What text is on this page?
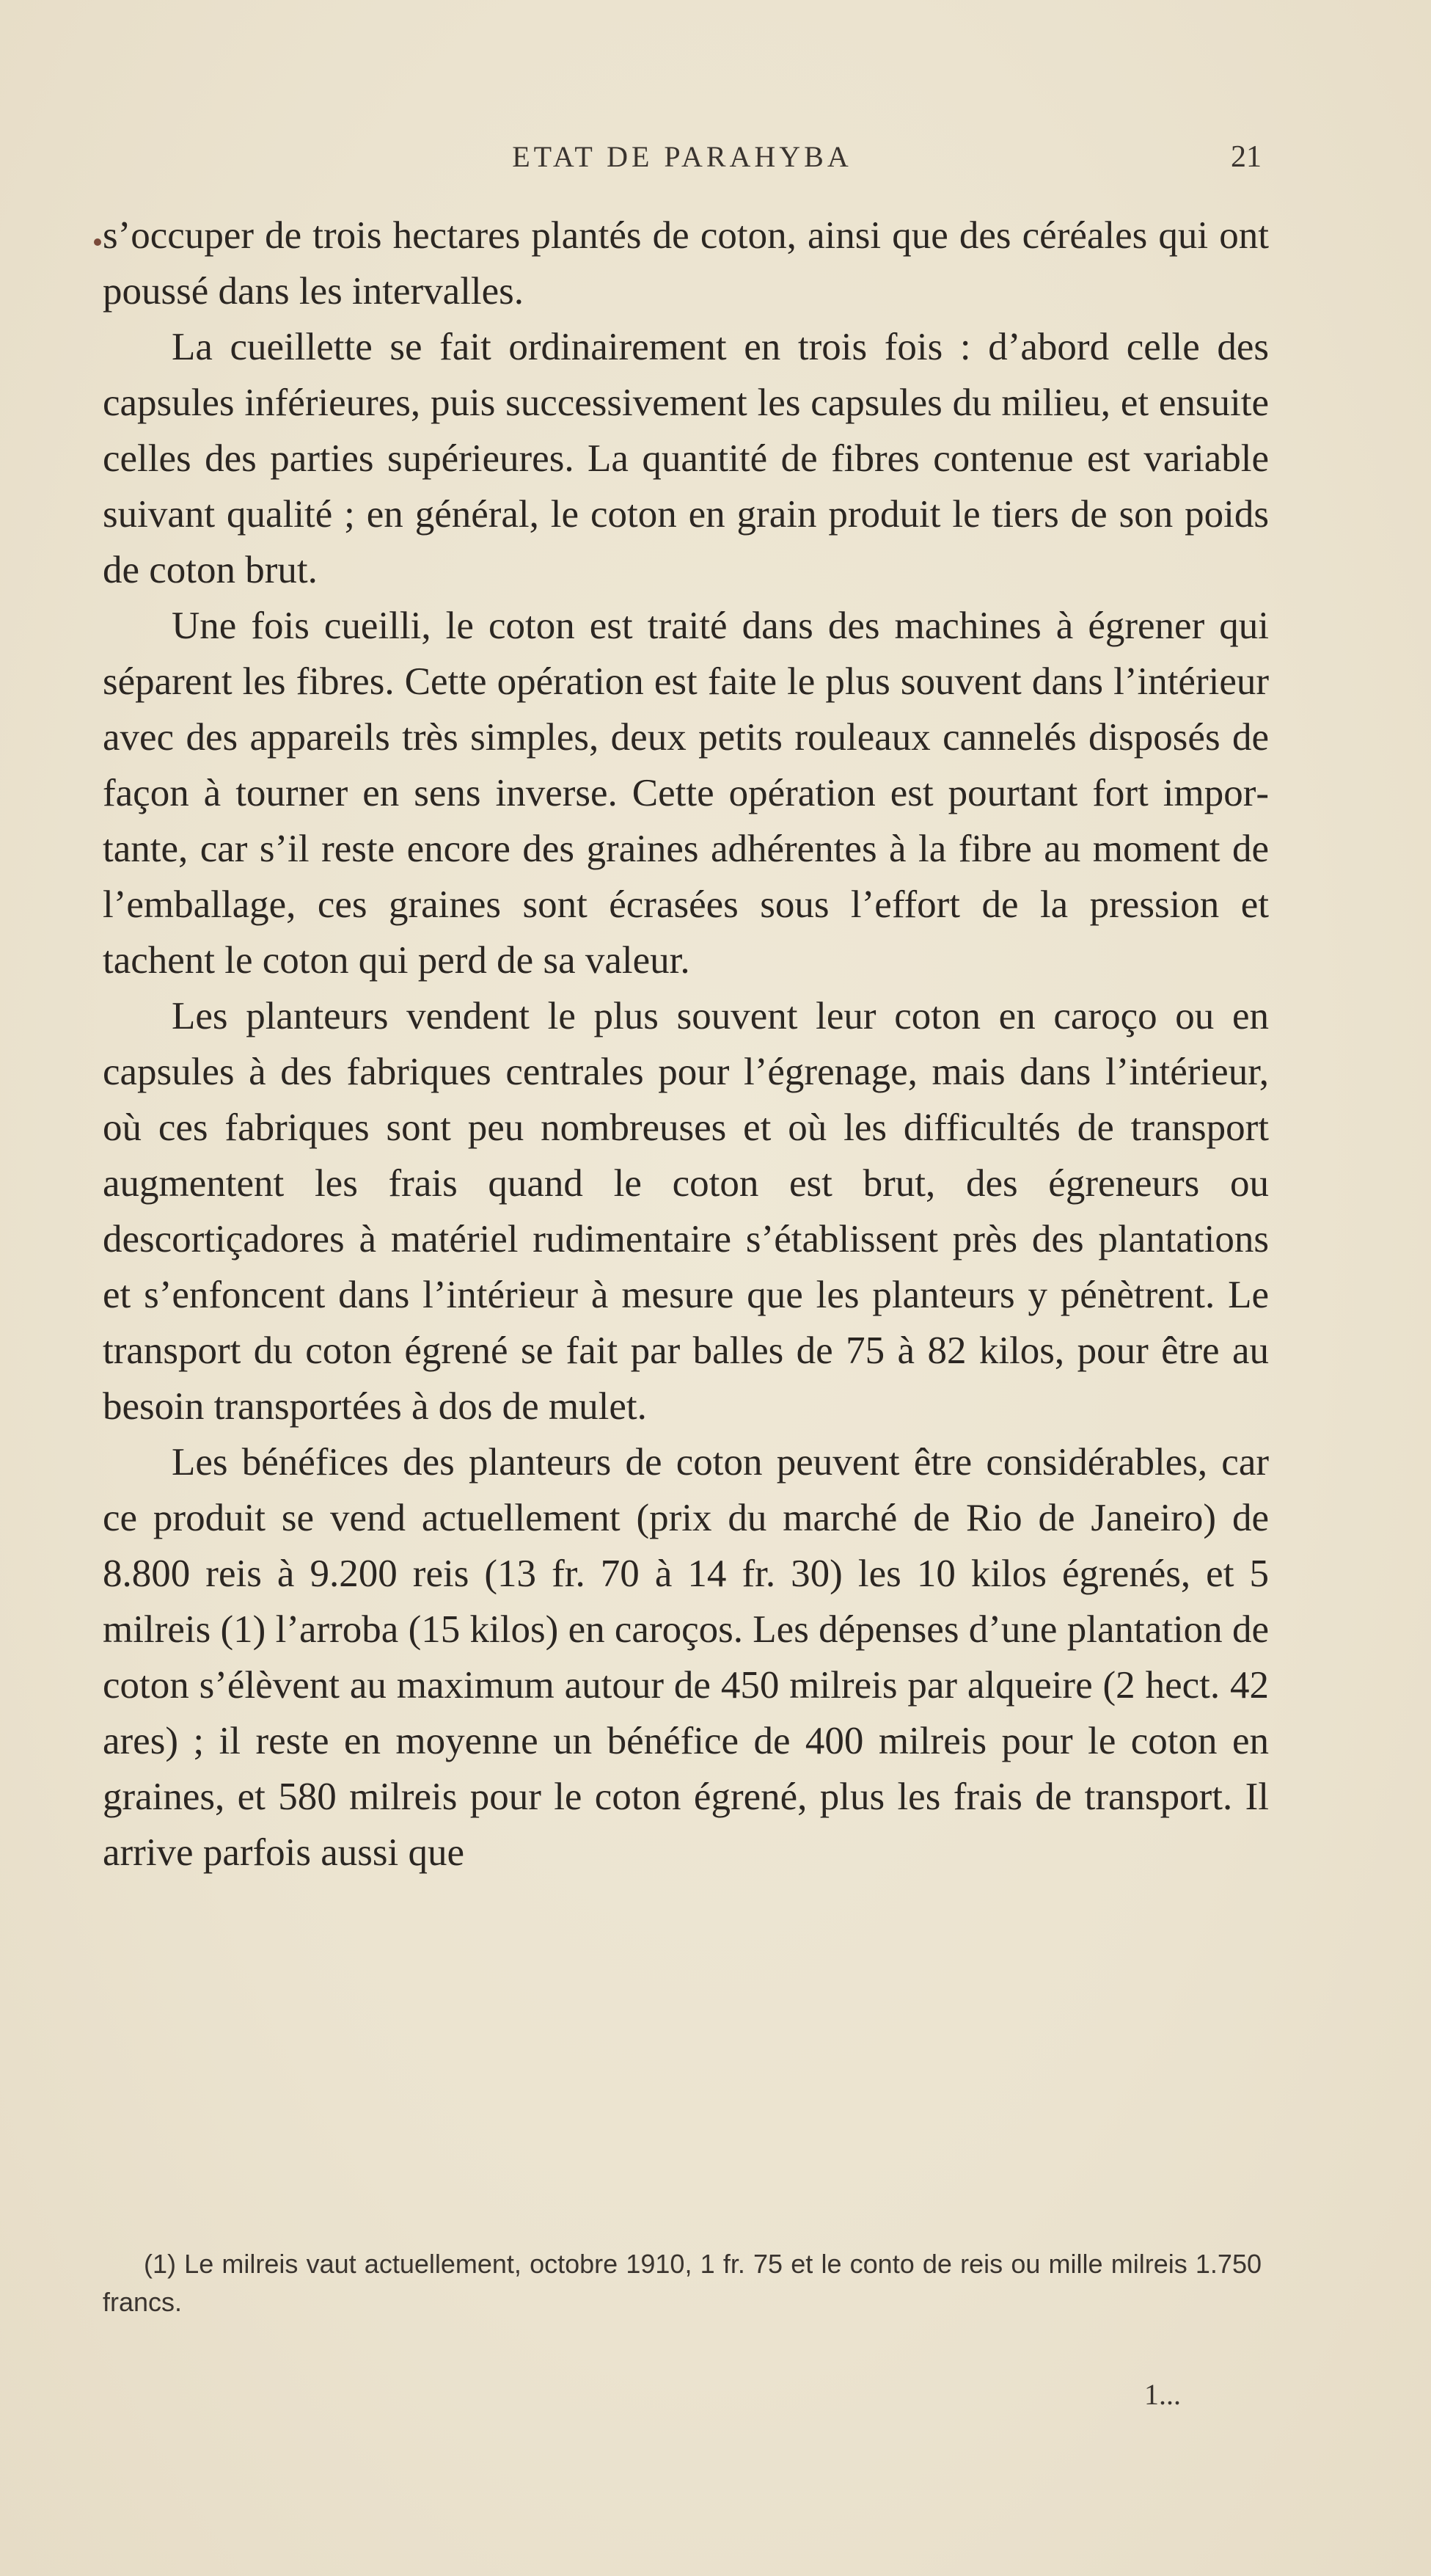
ETAT DE PARAHYBA	21

s’occuper de trois hectares plantés de coton, ainsi que des céréales qui ont poussé dans les intervalles.

La cueillette se fait ordinairement en trois fois : d’abord celle des capsules inférieures, puis successivement les capsules du milieu, et ensuite celles des parties supérieures. La quantité de fibres contenue est variable suivant qualité ; en général, le coton en grain produit le tiers de son poids de coton brut.

Une fois cueilli, le coton est traité dans des machines à égrener qui séparent les fibres. Cette opération est faite le plus souvent dans l’intérieur avec des appareils très simples, deux petits rouleaux cannelés disposés de façon à tourner en sens inverse. Cette opération est pourtant fort importante, car s’il reste encore des graines adhérentes à la fibre au moment de l’emballage, ces graines sont écrasées sous l’effort de la pression et tachent le coton qui perd de sa valeur.

Les planteurs vendent le plus souvent leur coton en caroço ou en capsules à des fabriques centrales pour l’égrenage, mais dans l’intérieur, où ces fabriques sont peu nombreuses et où les difficultés de transport augmentent les frais quand le coton est brut, des égreneurs ou descortiçadores à matériel rudimentaire s’établissent près des plantations et s’enfoncent dans l’intérieur à mesure que les planteurs y pénètrent. Le transport du coton égrené se fait par balles de 75 à 82 kilos, pour être au besoin transportées à dos de mulet.

Les bénéfices des planteurs de coton peuvent être considérables, car ce produit se vend actuellement (prix du marché de Rio de Janeiro) de 8.800 reis à 9.200 reis (13 fr. 70 à 14 fr. 30) les 10 kilos égrenés, et 5 milreis (1) l’arroba (15 kilos) en caroços. Les dépenses d’une plantation de coton s’élèvent au maximum autour de 450 milreis par alqueire (2 hect. 42 ares) ; il reste en moyenne un bénéfice de 400 milreis pour le coton en graines, et 580 milreis pour le coton égrené, plus les frais de transport. Il arrive parfois aussi que

(1) Le milreis vaut actuellement, octobre 1910, 1 fr. 75 et le conto de reis ou mille milreis 1.750 francs.
1...
